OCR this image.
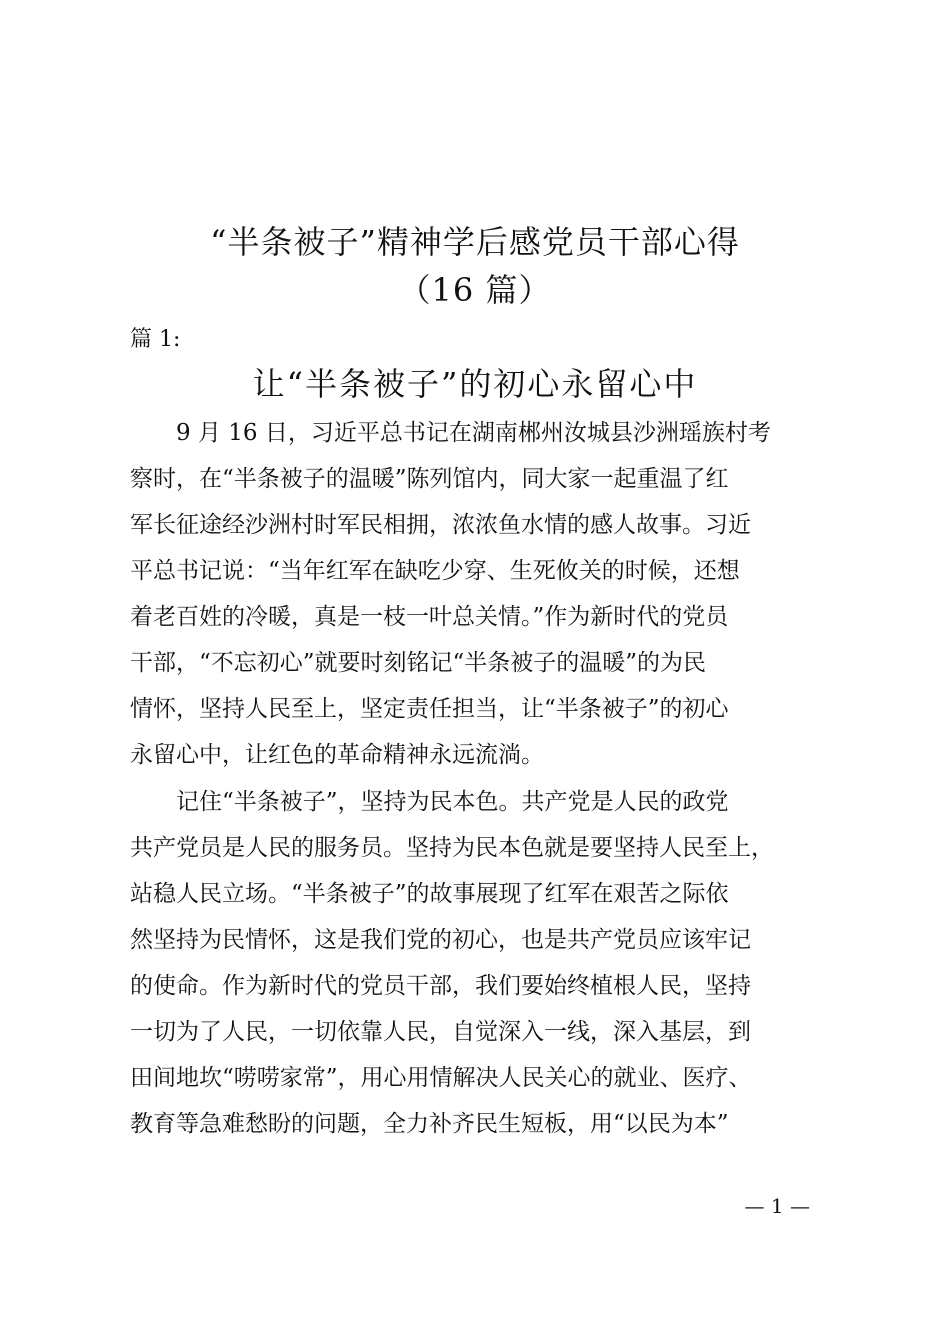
“半条被子”精神学后感党员干部心得
（16 篇）
篇 1:
让“半条被子”的初心永留心中
　　9 月 16 日，习近平总书记在湖南郴州汝城县沙洲瑶族村考
察时，在“半条被子的温暖”陈列馆内，同大家一起重温了红
军长征途经沙洲村时军民相拥，浓浓鱼水情的感人故事。习近
平总书记说：“当年红军在缺吃少穿、生死攸关的时候，还想
着老百姓的冷暖，真是一枝一叶总关情。”作为新时代的党员
干部，“不忘初心”就要时刻铭记“半条被子的温暖”的为民
情怀，坚持人民至上，坚定责任担当，让“半条被子”的初心
永留心中，让红色的革命精神永远流淌。
　　记住“半条被子”，坚持为民本色。共产党是人民的政党
共产党员是人民的服务员。坚持为民本色就是要坚持人民至上，
站稳人民立场。“半条被子”的故事展现了红军在艰苦之际依
然坚持为民情怀，这是我们党的初心，也是共产党员应该牢记
的使命。作为新时代的党员干部，我们要始终植根人民，坚持
一切为了人民，一切依靠人民，自觉深入一线，深入基层，到
田间地坎“唠唠家常”，用心用情解决人民关心的就业、医疗、
教育等急难愁盼的问题，全力补齐民生短板，用“以民为本”
— 1 —
